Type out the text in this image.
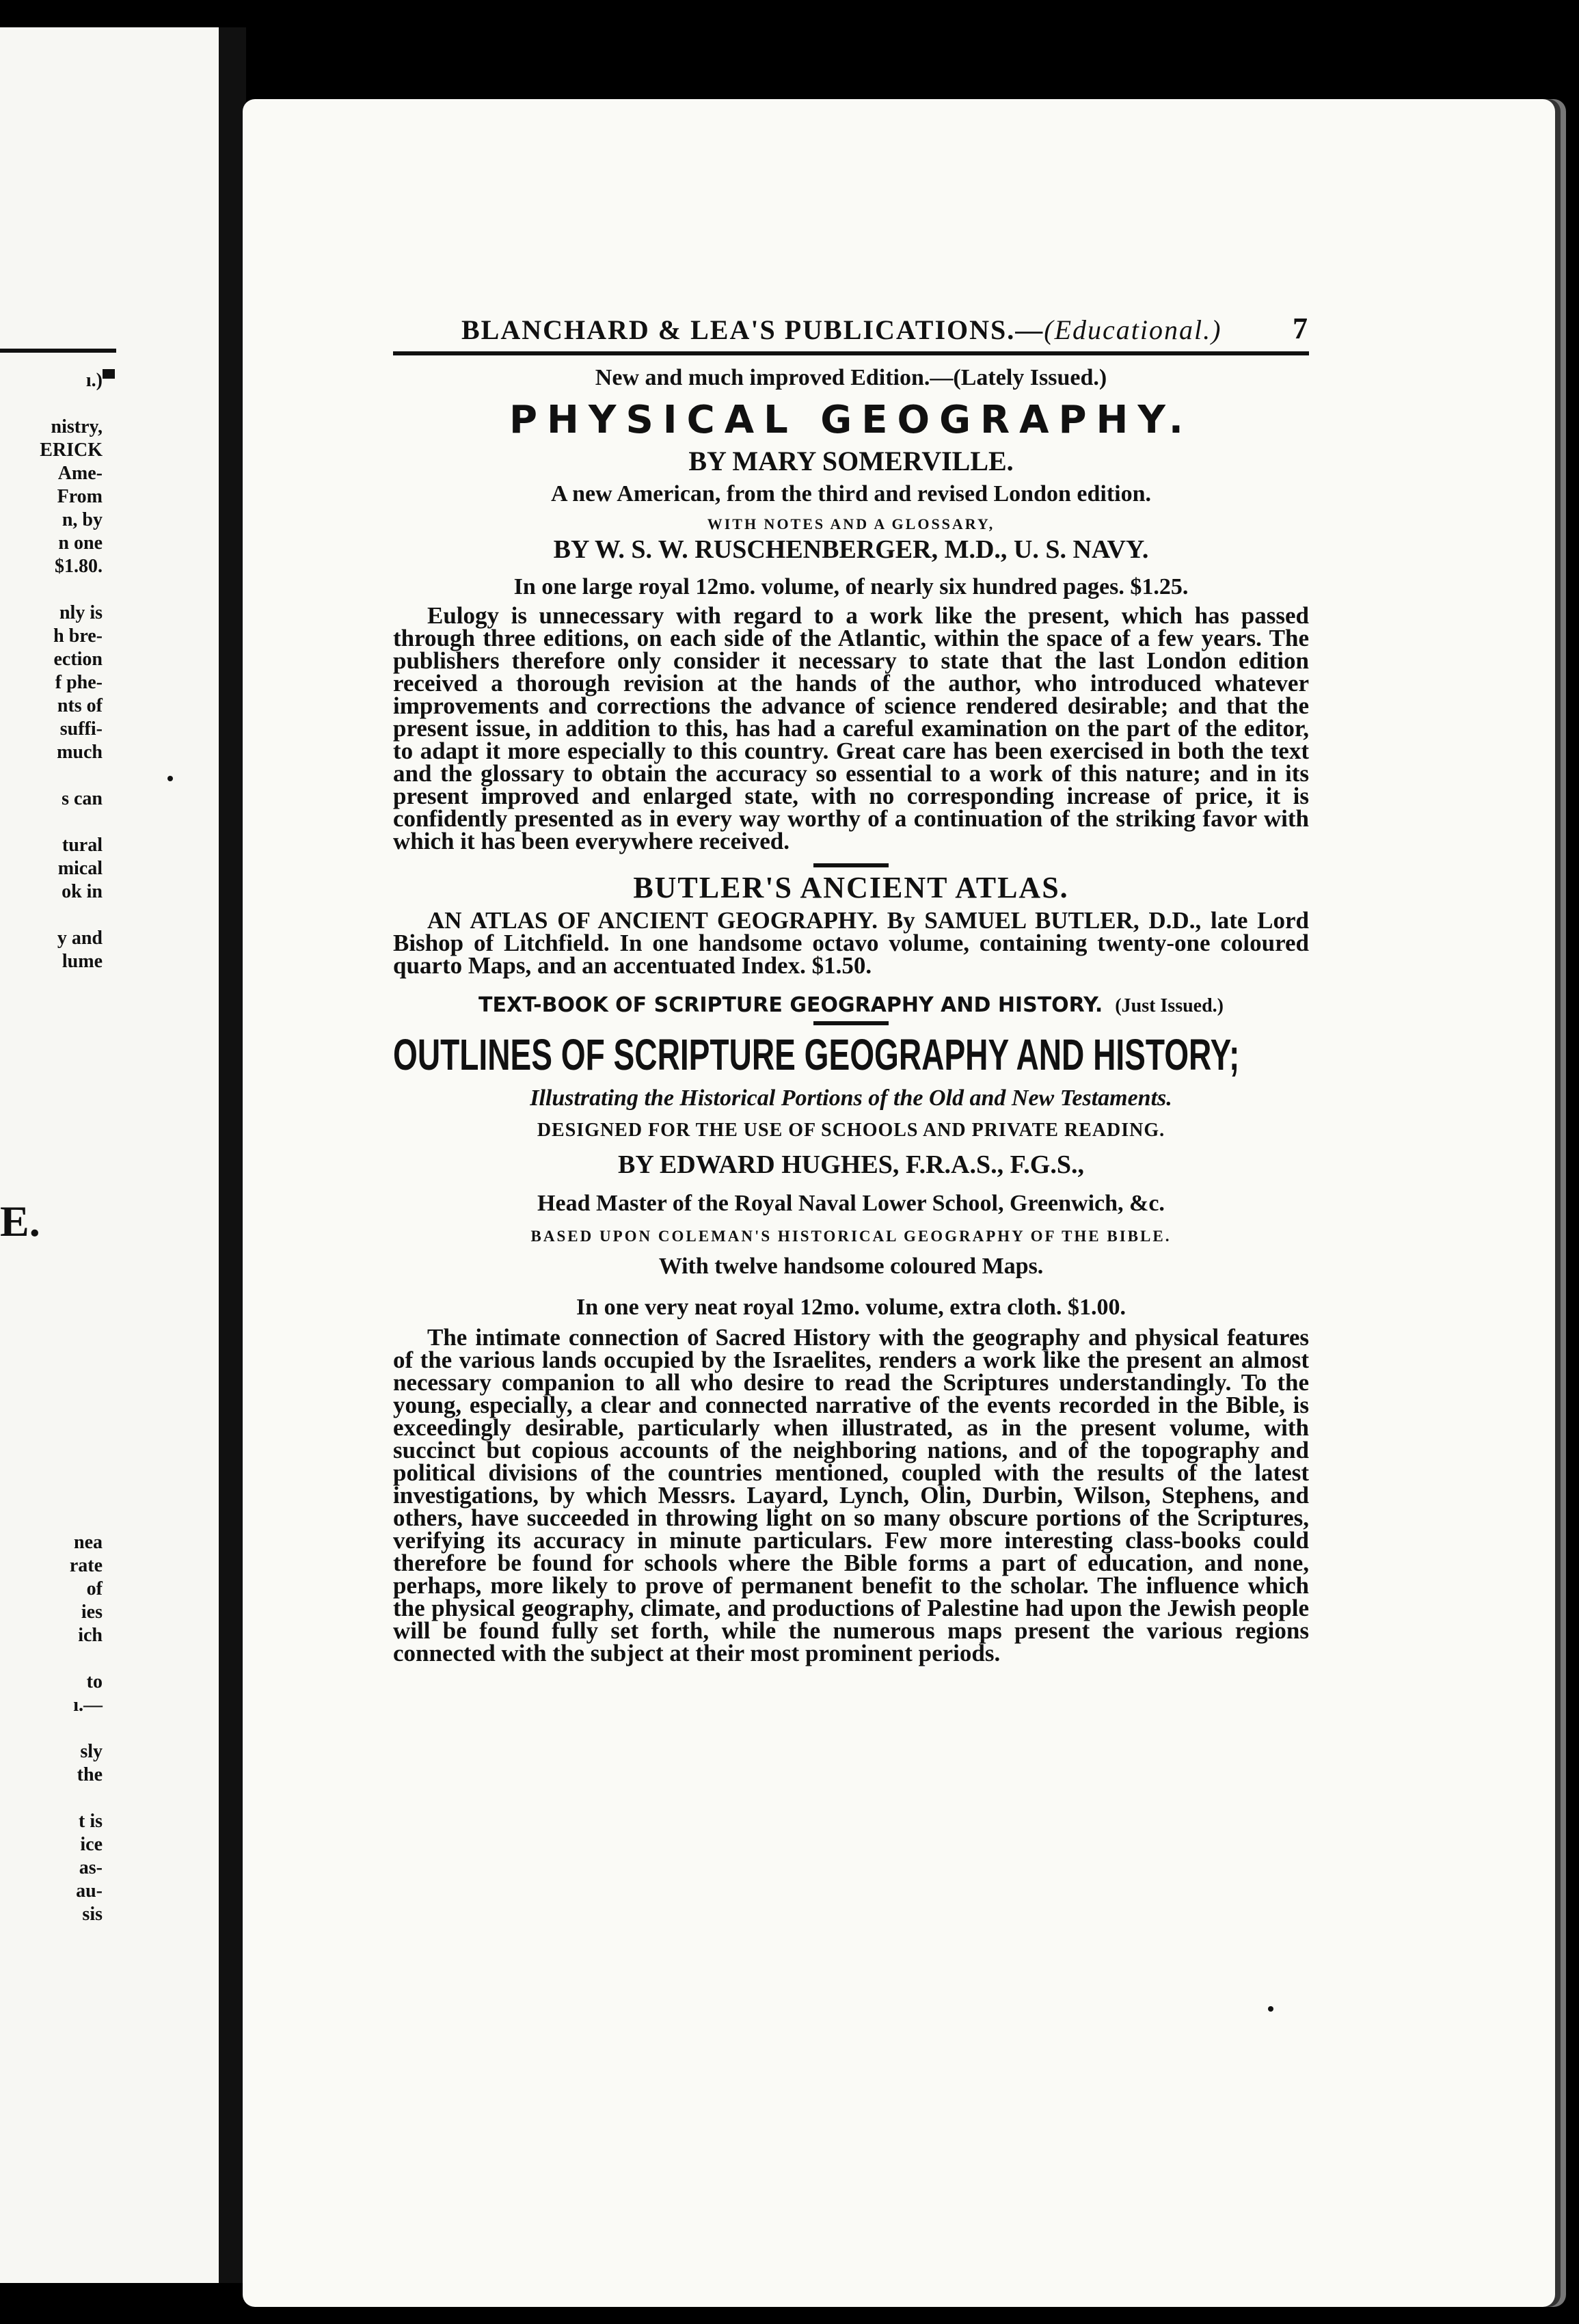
ı.)

nistry,
ERICK
Ame-
From
n, by
n one
$1.80.

nly is
h bre-
ection
f phe-
nts of
suffi-
much

s can

tural
mical
ok in

y and
lume
E.
nea
rate
of
ies
ich

to
ı.—

sly
the

t is
ice
as-
au-
sis
BLANCHARD & LEA'S PUBLICATIONS.—(Educational.) 7
New and much improved Edition.—(Lately Issued.)
PHYSICAL GEOGRAPHY.
BY MARY SOMERVILLE.
A new American, from the third and revised London edition.
WITH NOTES AND A GLOSSARY,
BY W. S. W. RUSCHENBERGER, M.D., U. S. NAVY.
In one large royal 12mo. volume, of nearly six hundred pages. $1.25.

Eulogy is unnecessary with regard to a work like the present, which has passed through three editions, on each side of the Atlantic, within the space of a few years. The publishers therefore only consider it necessary to state that the last London edition received a thorough revision at the hands of the author, who introduced whatever improvements and corrections the advance of science rendered desirable; and that the present issue, in addition to this, has had a careful examination on the part of the editor, to adapt it more especially to this country. Great care has been exercised in both the text and the glossary to obtain the accuracy so essential to a work of this nature; and in its present improved and enlarged state, with no corresponding increase of price, it is confidently presented as in every way worthy of a continuation of the striking favor with which it has been everywhere received.

BUTLER'S ANCIENT ATLAS.

AN ATLAS OF ANCIENT GEOGRAPHY. By SAMUEL BUTLER, D.D., late Lord Bishop of Litchfield. In one handsome octavo volume, containing twenty-one coloured quarto Maps, and an accentuated Index. $1.50.

TEXT-BOOK OF SCRIPTURE GEOGRAPHY AND HISTORY. (Just Issued.)
OUTLINES OF SCRIPTURE GEOGRAPHY AND HISTORY;
Illustrating the Historical Portions of the Old and New Testaments.
DESIGNED FOR THE USE OF SCHOOLS AND PRIVATE READING.
BY EDWARD HUGHES, F.R.A.S., F.G.S.,
Head Master of the Royal Naval Lower School, Greenwich, &c.
BASED UPON COLEMAN'S HISTORICAL GEOGRAPHY OF THE BIBLE.
With twelve handsome coloured Maps.
In one very neat royal 12mo. volume, extra cloth. $1.00.

The intimate connection of Sacred History with the geography and physical features of the various lands occupied by the Israelites, renders a work like the present an almost necessary companion to all who desire to read the Scriptures understandingly. To the young, especially, a clear and connected narrative of the events recorded in the Bible, is exceedingly desirable, particularly when illustrated, as in the present volume, with succinct but copious accounts of the neighboring nations, and of the topography and political divisions of the countries mentioned, coupled with the results of the latest investigations, by which Messrs. Layard, Lynch, Olin, Durbin, Wilson, Stephens, and others, have succeeded in throwing light on so many obscure portions of the Scriptures, verifying its accuracy in minute particulars. Few more interesting class-books could therefore be found for schools where the Bible forms a part of education, and none, perhaps, more likely to prove of permanent benefit to the scholar. The influence which the physical geography, climate, and productions of Palestine had upon the Jewish people will be found fully set forth, while the numerous maps present the various regions connected with the subject at their most prominent periods.
